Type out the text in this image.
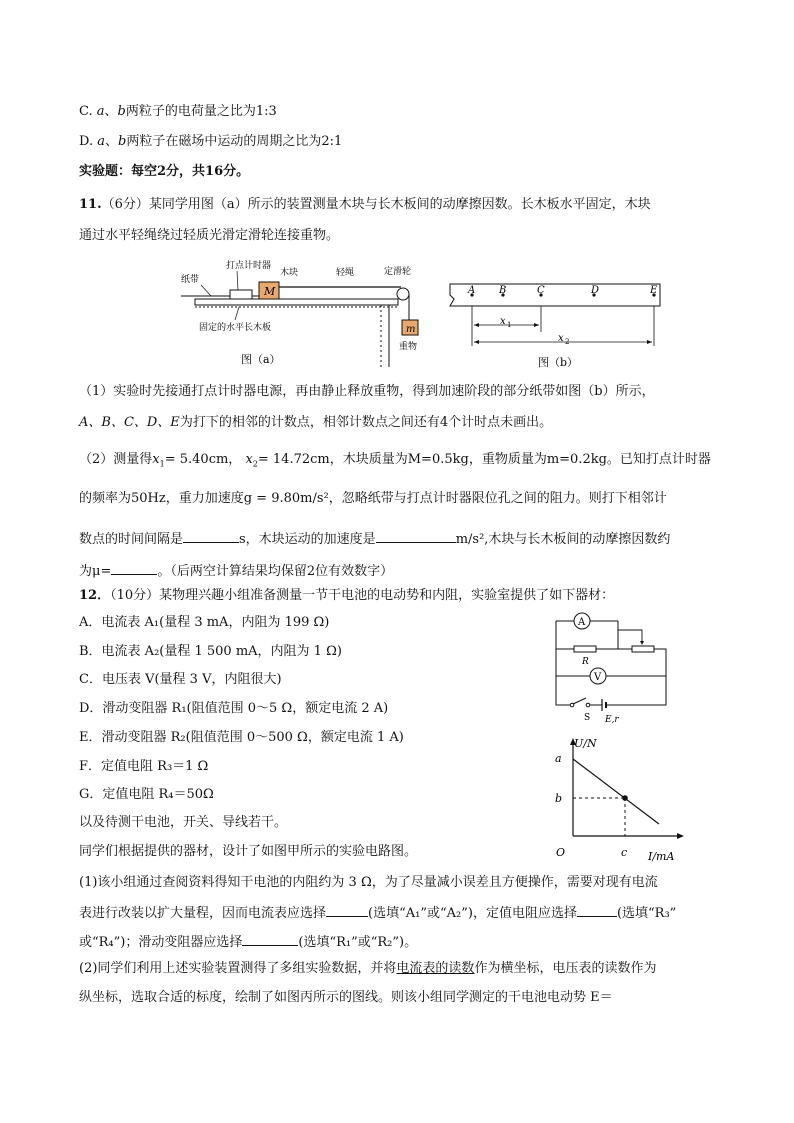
C. a、b两粒子的电荷量之比为1:3
D. a、b两粒子在磁场中运动的周期之比为2:1
实验题：每空2分，共16分。
11.（6分）某同学用图（a）所示的装置测量木块与长木板间的动摩擦因数。长木板水平固定，木块
通过水平轻绳绕过轻质光滑定滑轮连接重物。
M
m
打点计时器
纸带
木块	轻绳	定滑轮
固定的水平长木板
重物
图（a）
A B	C	D	E
x 1
x 2
图（b）
（1）实验时先接通打点计时器电源，再由静止释放重物，得到加速阶段的部分纸带如图（b）所示，
A、B、C、D、E为打下的相邻的计数点，相邻计数点之间还有4个计时点未画出。
（2）测量得$x_1= 5.40cm$， $x_2= 14.72cm$，木块质量为M=0.5kg，重物质量为m=0.2kg。已知打点计时器
的频率为50Hz，重力加速度g = 9.80m/s²，忽略纸带与打点计时器限位孔之间的阻力。则打下相邻计
数点的时间间隔是	s，木块运动的加速度是	m/s²,木块与长木板间的动摩擦因数约
为μ=	。（后两空计算结果均保留2位有效数字）
12．（10分）某物理兴趣小组准备测量一节干电池的电动势和内阻，实验室提供了如下器材：
A．电流表 A₁(量程 3 mA，内阻为 199 Ω)
B．电流表 A₂(量程 1 500 mA，内阻为 1 Ω)
C．电压表 V(量程 3 V，内阻很大)
D．滑动变阻器 R₁(阻值范围 0～5 Ω，额定电流 2 A)
E．滑动变阻器 R₂(阻值范围 0～500 Ω，额定电流 1 A)
F．定值电阻 R₃＝1 Ω
G．定值电阻 R₄＝50Ω
以及待测干电池，开关、导线若干。
同学们根据提供的器材，设计了如图甲所示的实验电路图。
A
R
V
S E,r
U/N
I/mA
O
a
b
c
(1)该小组通过查阅资料得知干电池的内阻约为 3 Ω，为了尽量减小误差且方便操作，需要对现有电流
表进行改装以扩大量程，因而电流表应选择	(选填“A₁”或“A₂”)，定值电阻应选择	(选填“R₃”
或“R₄”)；滑动变阻器应选择	(选填“R₁”或“R₂”)。
(2)同学们利用上述实验装置测得了多组实验数据，并将电流表的读数作为横坐标，电压表的读数作为
纵坐标，选取合适的标度，绘制了如图丙所示的图线。则该小组同学测定的干电池电动势 E＝
